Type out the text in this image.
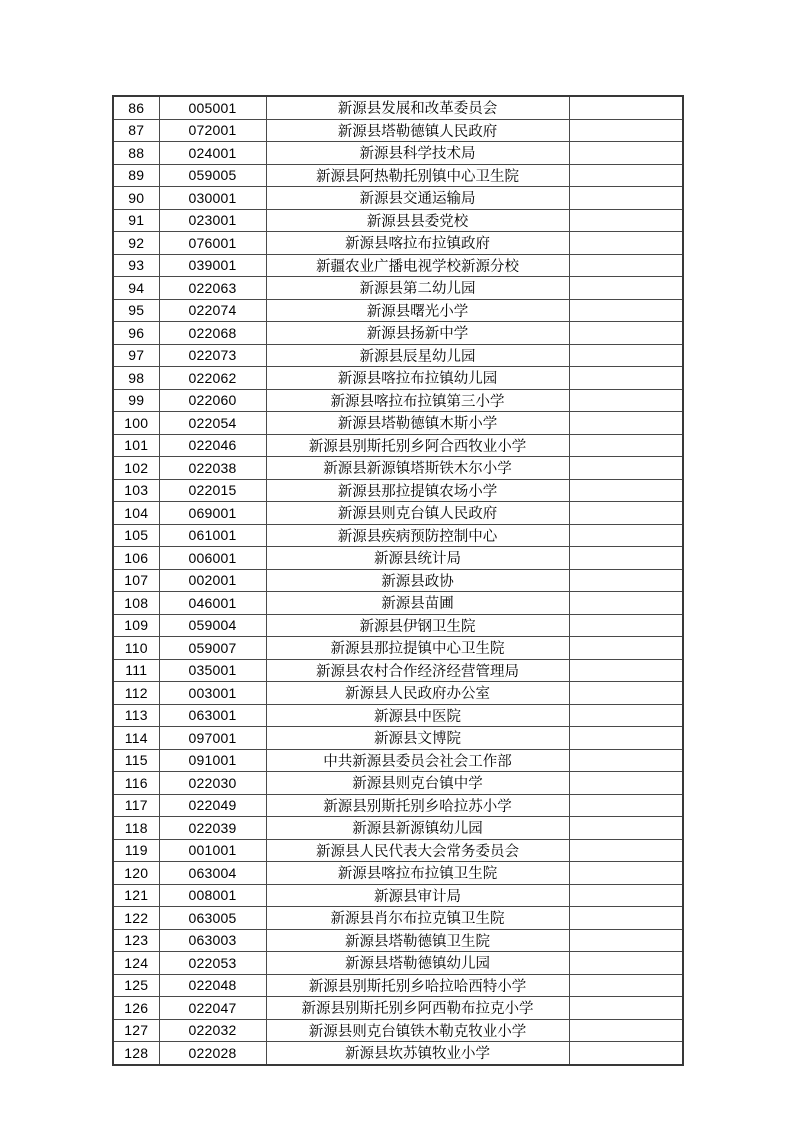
86	005001	新源县发展和改革委员会	
87	072001	新源县塔勒德镇人民政府	
88	024001	新源县科学技术局	
89	059005	新源县阿热勒托别镇中心卫生院	
90	030001	新源县交通运输局	
91	023001	新源县县委党校	
92	076001	新源县喀拉布拉镇政府	
93	039001	新疆农业广播电视学校新源分校	
94	022063	新源县第二幼儿园	
95	022074	新源县曙光小学	
96	022068	新源县扬新中学	
97	022073	新源县辰星幼儿园	
98	022062	新源县喀拉布拉镇幼儿园	
99	022060	新源县喀拉布拉镇第三小学	
100	022054	新源县塔勒德镇木斯小学	
101	022046	新源县别斯托别乡阿合西牧业小学	
102	022038	新源县新源镇塔斯铁木尔小学	
103	022015	新源县那拉提镇农场小学	
104	069001	新源县则克台镇人民政府	
105	061001	新源县疾病预防控制中心	
106	006001	新源县统计局	
107	002001	新源县政协	
108	046001	新源县苗圃	
109	059004	新源县伊钢卫生院	
110	059007	新源县那拉提镇中心卫生院	
111	035001	新源县农村合作经济经营管理局	
112	003001	新源县人民政府办公室	
113	063001	新源县中医院	
114	097001	新源县文博院	
115	091001	中共新源县委员会社会工作部	
116	022030	新源县则克台镇中学	
117	022049	新源县别斯托别乡哈拉苏小学	
118	022039	新源县新源镇幼儿园	
119	001001	新源县人民代表大会常务委员会	
120	063004	新源县喀拉布拉镇卫生院	
121	008001	新源县审计局	
122	063005	新源县肖尔布拉克镇卫生院	
123	063003	新源县塔勒德镇卫生院	
124	022053	新源县塔勒德镇幼儿园	
125	022048	新源县别斯托别乡哈拉哈西特小学	
126	022047	新源县别斯托别乡阿西勒布拉克小学	
127	022032	新源县则克台镇铁木勒克牧业小学	
128	022028	新源县坎苏镇牧业小学	
